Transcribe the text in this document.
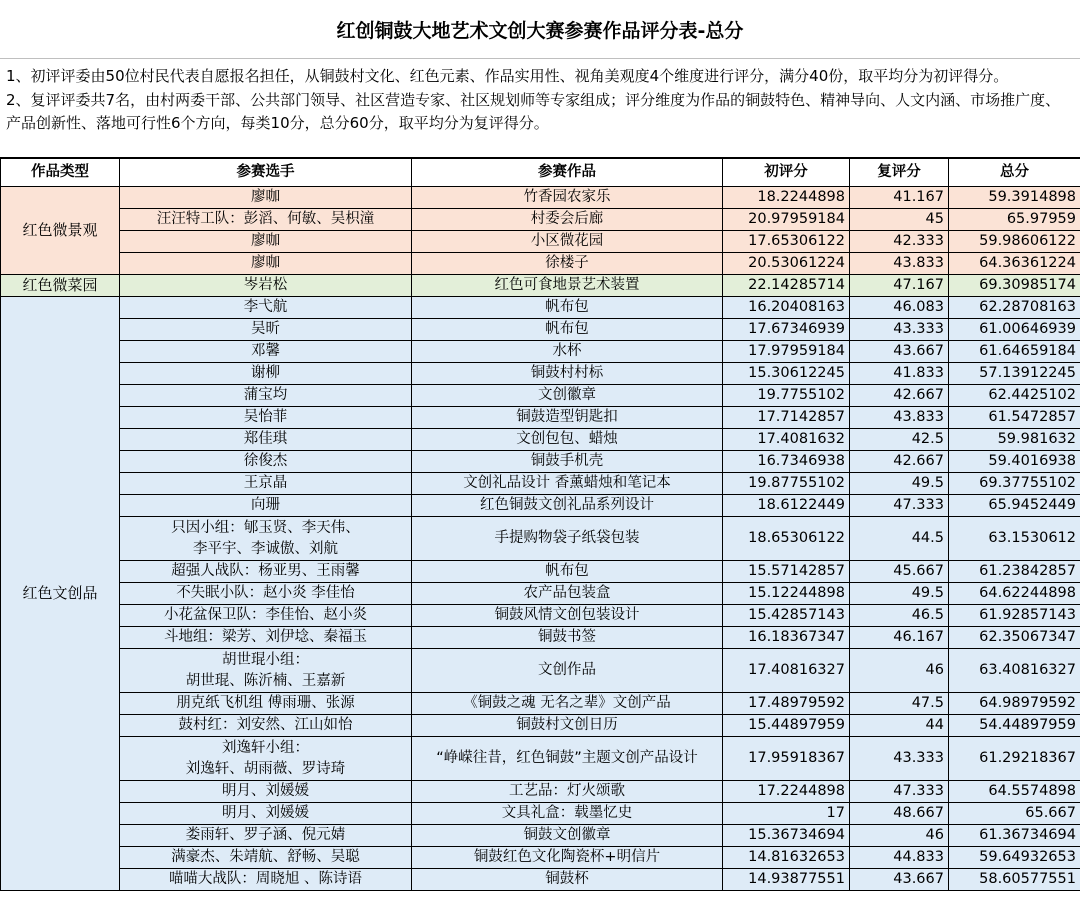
红创铜鼓大地艺术文创大赛参赛作品评分表-总分
1、初评评委由50位村民代表自愿报名担任，从铜鼓村文化、红色元素、作品实用性、视角美观度4个维度进行评分，满分40份，取平均分为初评得分。
2、复评评委共7名，由村两委干部、公共部门领导、社区营造专家、社区规划师等专家组成；评分维度为作品的铜鼓特色、精神导向、人文内涵、市场推广度、产品创新性、落地可行性6个方向，每类10分，总分60分，取平均分为复评得分。
作品类型	参赛选手	参赛作品	初评分	复评分	总分
红色微景观	廖咖	竹香园农家乐	18.2244898	41.167	59.3914898
	汪汪特工队：彭滔、何敏、吴枳潼	村委会后廊	20.97959184	45	65.97959
	廖咖	小区微花园	17.65306122	42.333	59.98606122
	廖咖	徐楼子	20.53061224	43.833	64.36361224
红色微菜园	岑岩松	红色可食地景艺术装置	22.14285714	47.167	69.30985174
红色文创品	李弋航	帆布包	16.20408163	46.083	62.28708163
	吴昕	帆布包	17.67346939	43.333	61.00646939
	邓馨	水杯	17.97959184	43.667	61.64659184
	谢柳	铜鼓村村标	15.30612245	41.833	57.13912245
	蒲宝均	文创徽章	19.7755102	42.667	62.4425102
	吴怡菲	铜鼓造型钥匙扣	17.7142857	43.833	61.5472857
	郑佳琪	文创包包、蜡烛	17.4081632	42.5	59.981632
	徐俊杰	铜鼓手机壳	16.7346938	42.667	59.4016938
	王京晶	文创礼品设计 香薰蜡烛和笔记本	19.87755102	49.5	69.37755102
	向珊	红色铜鼓文创礼品系列设计	18.6122449	47.333	65.9452449
	只因小组：郇玉贤、李天伟、
李平宇、李诚傲、刘航	手提购物袋子纸袋包装	18.65306122	44.5	63.1530612
	超强人战队：杨亚男、王雨馨	帆布包	15.57142857	45.667	61.23842857
	不失眠小队：赵小炎 李佳怡	农产品包装盒	15.12244898	49.5	64.62244898
	小花盆保卫队：李佳怡、赵小炎	铜鼓风情文创包装设计	15.42857143	46.5	61.92857143
	斗地组：梁芳、刘伊埝、秦福玉	铜鼓书签	16.18367347	46.167	62.35067347
	胡世琨小组：
胡世琨、陈沂楠、王嘉新	文创作品	17.40816327	46	63.40816327
	朋克纸飞机组 傅雨珊、张源	《铜鼓之魂 无名之辈》文创产品	17.48979592	47.5	64.98979592
	鼓村红：刘安然、江山如怡	铜鼓村文创日历	15.44897959	44	54.44897959
	刘逸轩小组：
刘逸轩、胡雨薇、罗诗琦	“峥嵘往昔，红色铜鼓”主题文创产品设计	17.95918367	43.333	61.29218367
	明月、刘媛媛	工艺品：灯火颂歌	17.2244898	47.333	64.5574898
	明月、刘媛媛	文具礼盒：载墨忆史	17	48.667	65.667
	娄雨轩、罗子涵、倪元婧	铜鼓文创徽章	15.36734694	46	61.36734694
	满豪杰、朱靖航、舒畅、吴聪	铜鼓红色文化陶瓷杯+明信片	14.81632653	44.833	59.64932653
	喵喵大战队：周晓旭 、陈诗语	铜鼓杯	14.93877551	43.667	58.60577551
